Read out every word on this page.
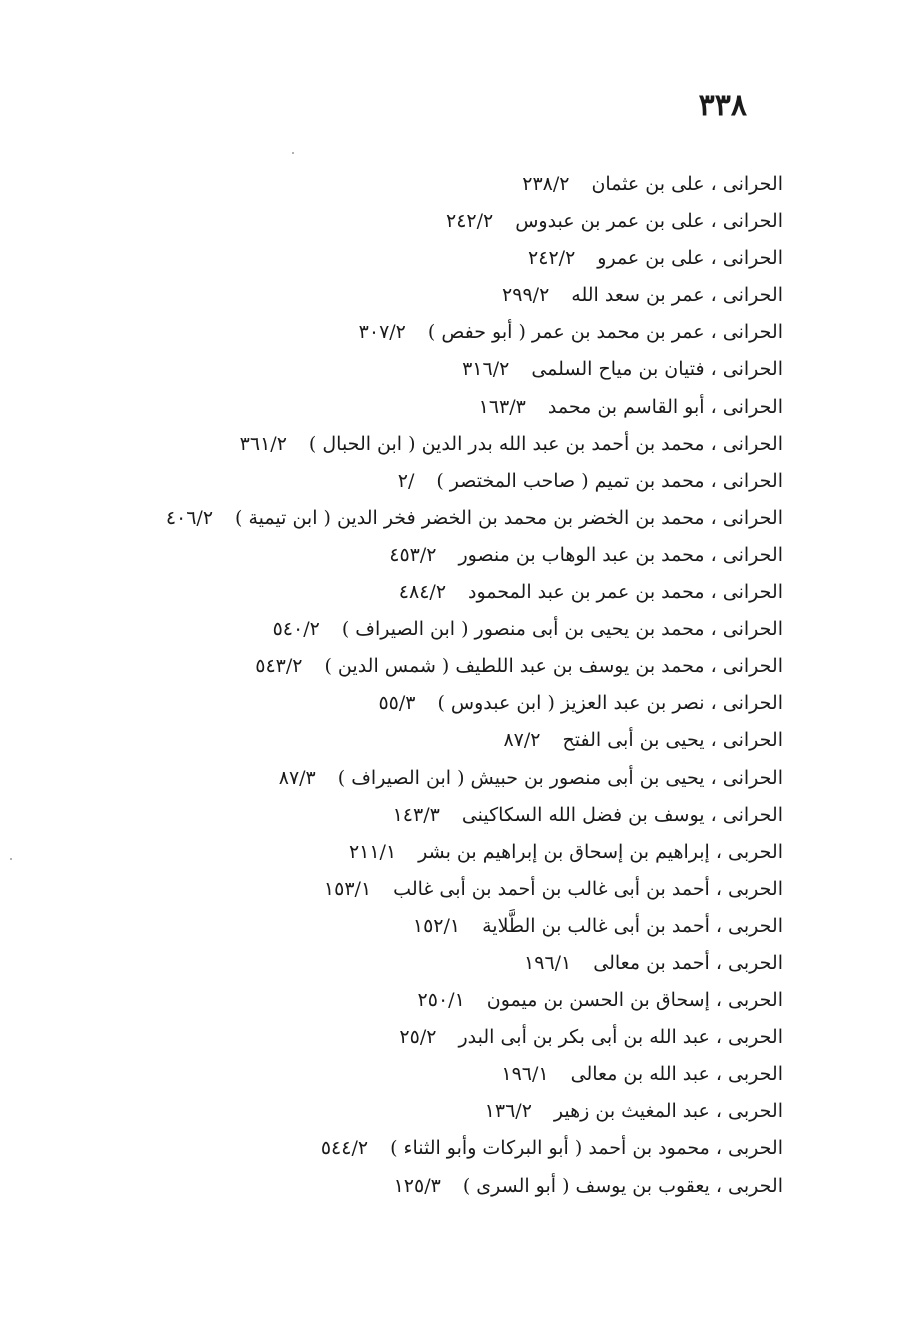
٣٣٨
الحرانى ، على بن عثمان٢٣٨/٢
الحرانى ، على بن عمر بن عبدوس٢٤٢/٢
الحرانى ، على بن عمرو٢٤٢/٢
الحرانى ، عمر بن سعد الله٢٩٩/٢
الحرانى ، عمر بن محمد بن عمر ( أبو حفص )٣٠٧/٢
الحرانى ، فتيان بن مياح السلمى٣١٦/٢
الحرانى ، أبو القاسم بن محمد١٦٣/٣
الحرانى ، محمد بن أحمد بن عبد الله بدر الدين ( ابن الحبال )٣٦١/٢
الحرانى ، محمد بن تميم ( صاحب المختصر )/٢
الحرانى ، محمد بن الخضر بن محمد بن الخضر فخر الدين ( ابن تيمية )٤٠٦/٢
الحرانى ، محمد بن عبد الوهاب بن منصور٤٥٣/٢
الحرانى ، محمد بن عمر بن عبد المحمود٤٨٤/٢
الحرانى ، محمد بن يحيى بن أبى منصور ( ابن الصيراف )٥٤٠/٢
الحرانى ، محمد بن يوسف بن عبد اللطيف ( شمس الدين )٥٤٣/٢
الحرانى ، نصر بن عبد العزيز ( ابن عبدوس )٥٥/٣
الحرانى ، يحيى بن أبى الفتح٨٧/٢
الحرانى ، يحيى بن أبى منصور بن حبيش ( ابن الصيراف )٨٧/٣
الحرانى ، يوسف بن فضل الله السكاكينى١٤٣/٣
الحربى ، إبراهيم بن إسحاق بن إبراهيم بن بشر٢١١/١
الحربى ، أحمد بن أبى غالب بن أحمد بن أبى غالب١٥٣/١
الحربى ، أحمد بن أبى غالب بن الطَّلاية١٥٢/١
الحربى ، أحمد بن معالى١٩٦/١
الحربى ، إسحاق بن الحسن بن ميمون٢٥٠/١
الحربى ، عبد الله بن أبى بكر بن أبى البدر٢٥/٢
الحربى ، عبد الله بن معالى١٩٦/١
الحربى ، عبد المغيث بن زهير١٣٦/٢
الحربى ، محمود بن أحمد ( أبو البركات وأبو الثناء )٥٤٤/٢
الحربى ، يعقوب بن يوسف ( أبو السرى )١٢٥/٣
